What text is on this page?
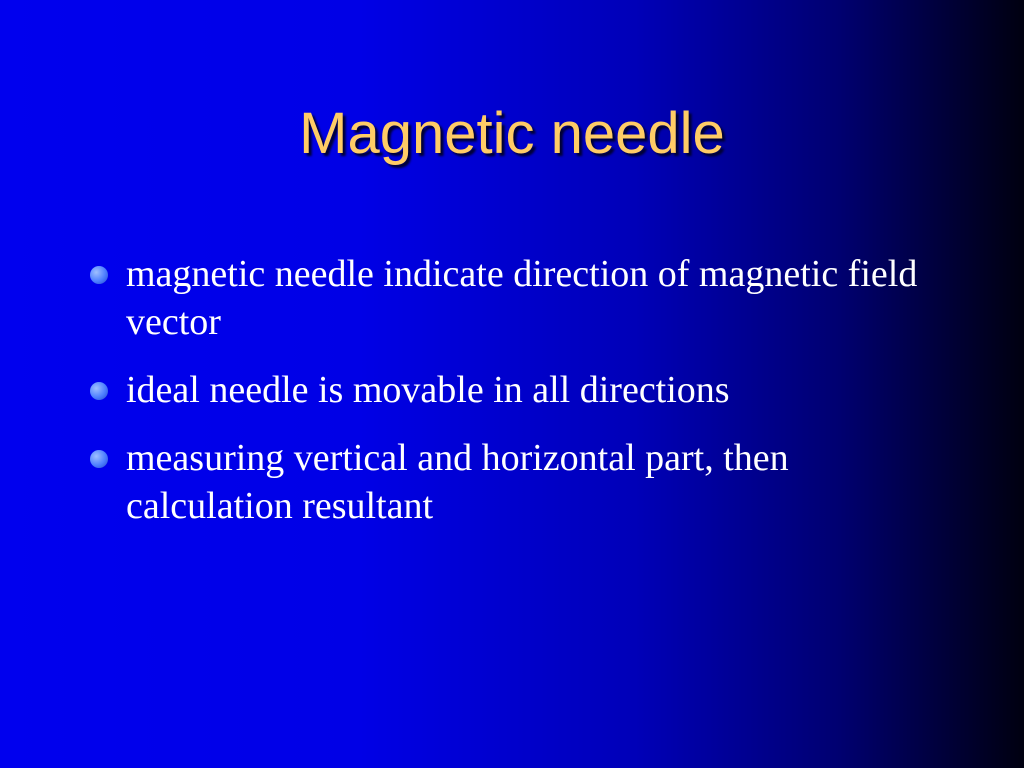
Magnetic needle
magnetic needle indicate direction of magnetic field vector
ideal needle is movable in all directions
measuring vertical and horizontal part, then calculation resultant
